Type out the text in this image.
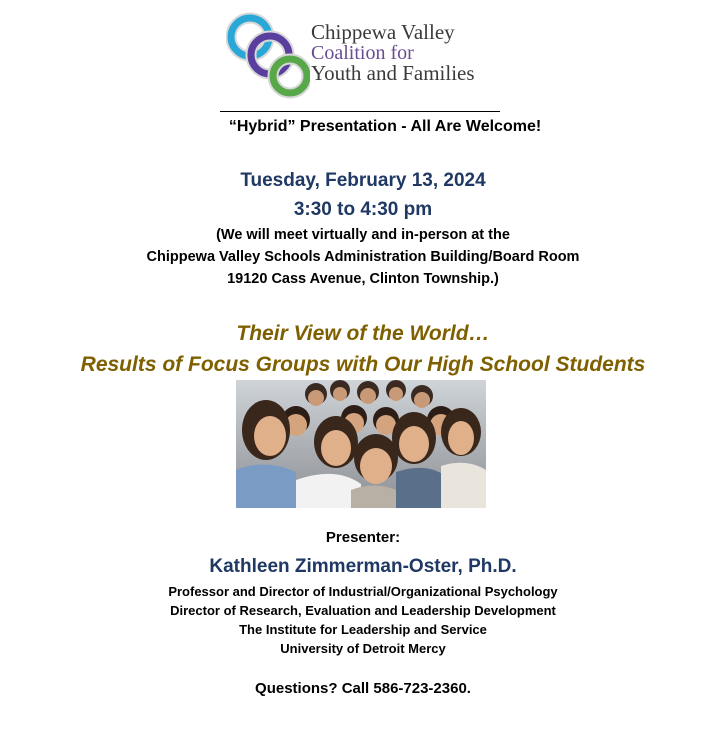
Chippewa Valley
Coalition for
Youth and Families
“Hybrid” Presentation - All Are Welcome!
Tuesday, February 13, 2024
3:30 to 4:30 pm
(We will meet virtually and in-person at the
Chippewa Valley Schools Administration Building/Board Room
19120 Cass Avenue, Clinton Township.)
Their View of the World…
Results of Focus Groups with Our High School Students
Presenter:
Kathleen Zimmerman-Oster, Ph.D.
Professor and Director of Industrial/Organizational Psychology
Director of Research, Evaluation and Leadership Development
The Institute for Leadership and Service
University of Detroit Mercy
Questions? Call 586-723-2360.
